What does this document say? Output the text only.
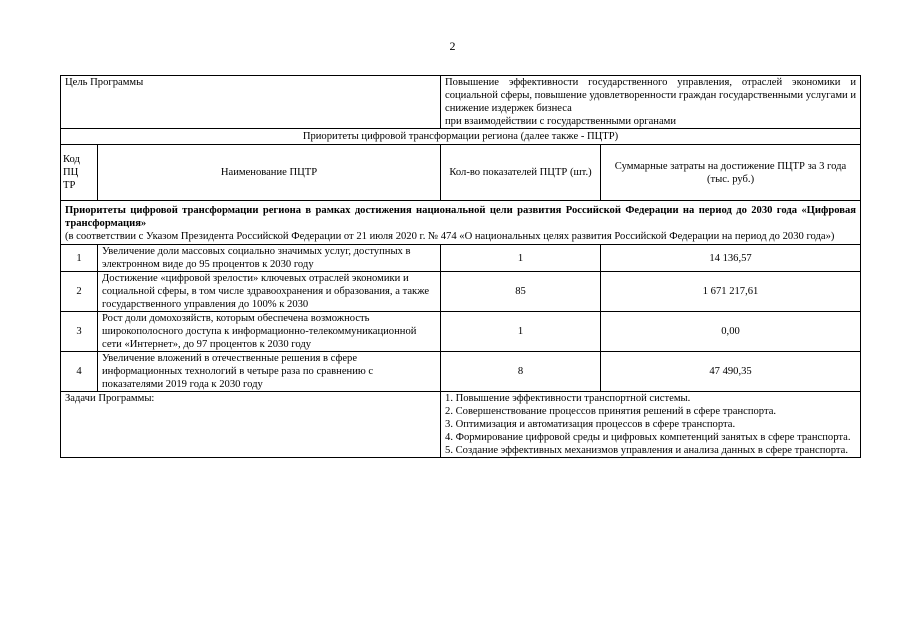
2
Цель Программы		Повышение эффективности государственного управления, отраслей экономики и социальной сферы, повышение удовлетворенности граждан государственными услугами и снижение издержек бизнеса
при взаимодействии с государственными органами	

Приоритеты цифровой трансформации региона (далее также - ПЦТР)			

Код
ПЦ
ТР	Наименование ПЦТР	Кол-во показателей ПЦТР (шт.)	Суммарные затраты на достижение ПЦТР за 3 года (тыс. руб.)

Приоритеты цифровой трансформации региона в рамках достижения национальной цели развития Российской Федерации на период до 2030 года «Цифровая трансформация»
(в соответствии с Указом Президента Российской Федерации от 21 июля 2020 г. № 474 «О национальных целях развития Российской Федерации на период до 2030 года»)			

1	Увеличение доли массовых социально значимых услуг, доступных в электронном виде до 95 процентов к 2030 году	1	14 136,57
2	Достижение «цифровой зрелости» ключевых отраслей экономики и социальной сферы, в том числе здравоохранения и образования, а также государственного управления до 100% к 2030	85	1 671 217,61
3	Рост доли домохозяйств, которым обеспечена возможность широкополосного доступа к информационно-телекоммуникационной сети «Интернет», до 97 процентов к 2030 году	1	0,00
4	Увеличение вложений в отечественные решения в сфере информационных технологий в четыре раза по сравнению с показателями 2019 года к 2030 году	8	47 490,35
Задачи Программы:		1. Повышение эффективности транспортной системы.
2. Совершенствование процессов принятия решений в сфере транспорта.
3. Оптимизация и автоматизация процессов в сфере транспорта.
4. Формирование цифровой среды и цифровых компетенций занятых в сфере транспорта.
5. Создание эффективных механизмов управления и анализа данных в сфере транспорта.	
